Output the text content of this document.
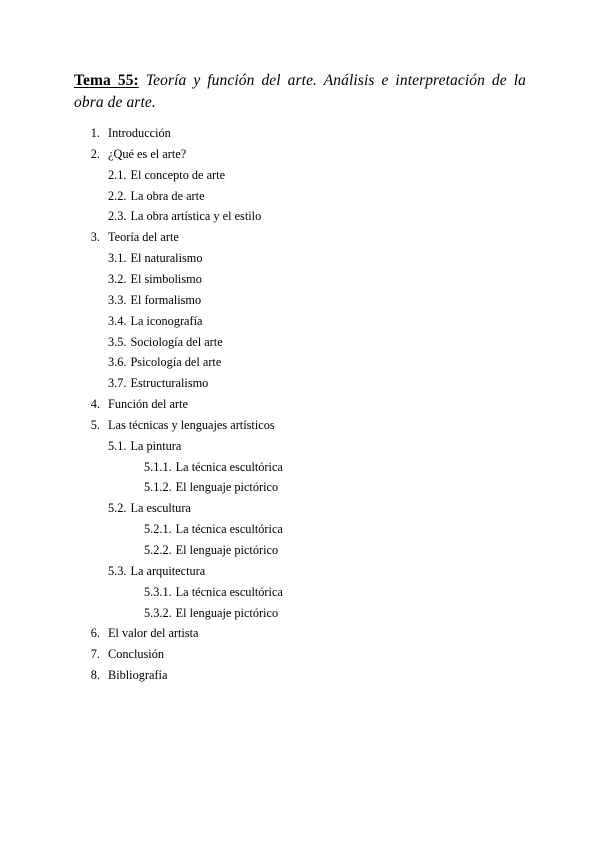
Tema 55: Teoría y función del arte. Análisis e interpretación de la obra de arte.
1. Introducción
2. ¿Qué es el arte?
2.1. El concepto de arte
2.2. La obra de arte
2.3. La obra artística y el estilo
3. Teoría del arte
3.1. El naturalismo
3.2. El simbolismo
3.3. El formalismo
3.4. La iconografía
3.5. Sociología del arte
3.6. Psicología del arte
3.7. Estructuralismo
4. Función del arte
5. Las técnicas y lenguajes artísticos
5.1. La pintura
5.1.1. La técnica escultórica
5.1.2. El lenguaje pictórico
5.2. La escultura
5.2.1. La técnica escultórica
5.2.2. El lenguaje pictórico
5.3. La arquitectura
5.3.1. La técnica escultórica
5.3.2. El lenguaje pictórico
6. El valor del artista
7. Conclusión
8. Bibliografía
